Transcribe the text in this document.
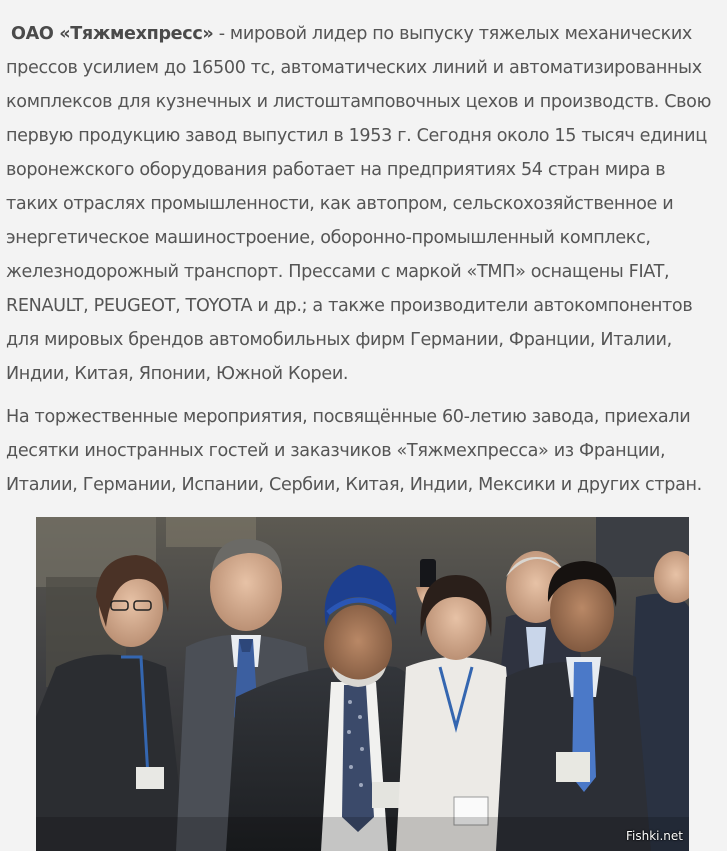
ОАО «Тяжмехпресс» - мировой лидер по выпуску тяжелых механических прессов усилием до 16500 тс, автоматических линий и автоматизированных комплексов для кузнечных и листоштамповочных цехов и производств. Свою первую продукцию завод выпустил в 1953 г. Сегодня около 15 тысяч единиц воронежского оборудования работает на предприятиях 54 стран мира в таких отраслях промышленности, как автопром, сельскохозяйственное и энергетическое машиностроение, оборонно-промышленный комплекс, железнодорожный транспорт. Прессами с маркой «ТМП» оснащены FIAT, RENAULT, PEUGEOT, TOYOTA и др.; а также производители автокомпонентов для мировых брендов автомобильных фирм Германии, Франции, Италии, Индии, Китая, Японии, Южной Кореи.

На торжественные мероприятия, посвящённые 60-летию завода, приехали десятки иностранных гостей и заказчиков «Тяжмехпресса» из Франции, Италии, Германии, Испании, Сербии, Китая, Индии, Мексики и других стран.

Fishki.net
